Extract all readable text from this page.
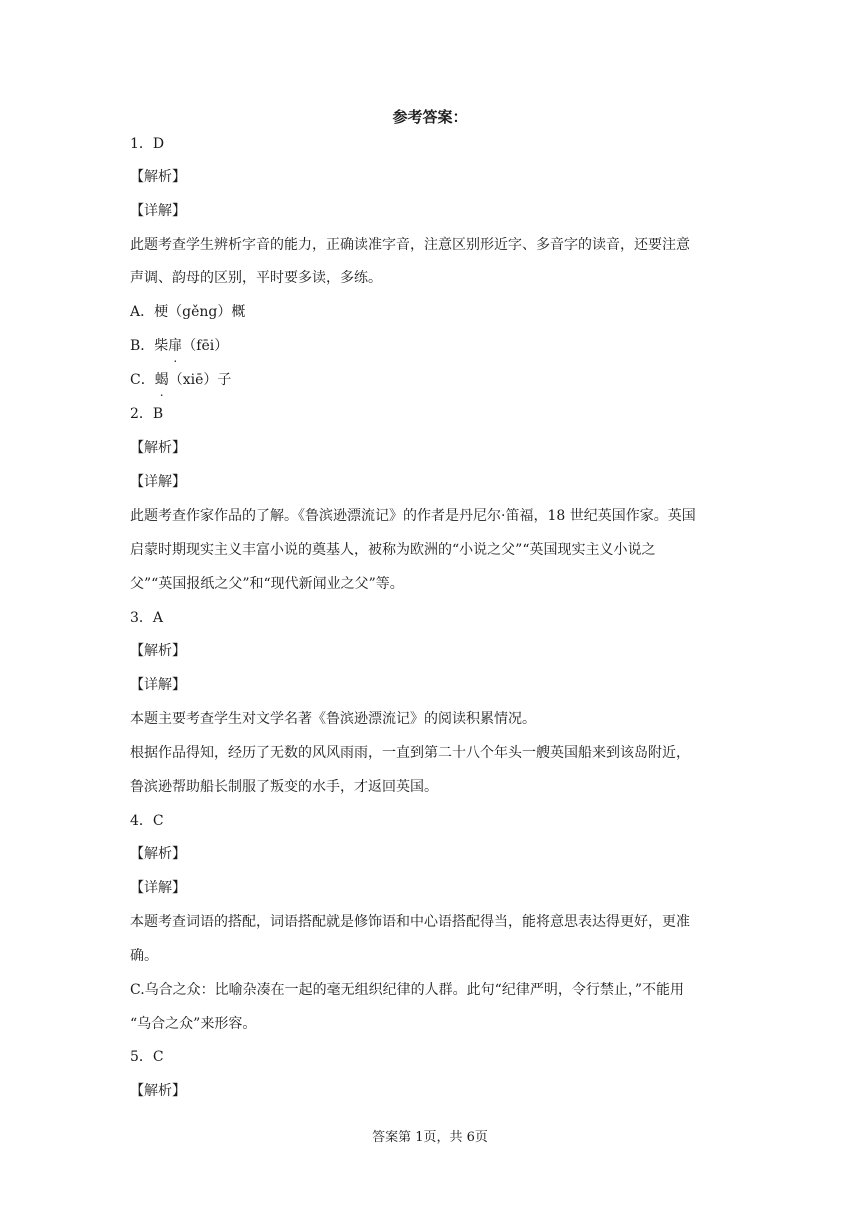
参考答案：
1．D
【解析】
【详解】
此题考查学生辨析字音的能力，正确读准字音，注意区别形近字、多音字的读音，还要注意
声调、韵母的区别，平时要多读，多练。
A．梗（gěng）概
B．柴扉（fēi）
C．蝎（xiē）子
2．B
【解析】
【详解】
此题考查作家作品的了解。《鲁滨逊漂流记》的作者是丹尼尔·笛福，18 世纪英国作家。英国
启蒙时期现实主义丰富小说的奠基人，被称为欧洲的“小说之父”“英国现实主义小说之
父”“英国报纸之父”和“现代新闻业之父”等。
3．A
【解析】
【详解】
本题主要考查学生对文学名著《鲁滨逊漂流记》的阅读积累情况。
根据作品得知，经历了无数的风风雨雨，一直到第二十八个年头一艘英国船来到该岛附近，
鲁滨逊帮助船长制服了叛变的水手，才返回英国。
4．C
【解析】
【详解】
本题考查词语的搭配，词语搭配就是修饰语和中心语搭配得当，能将意思表达得更好，更准
确。
C.乌合之众：比喻杂凑在一起的毫无组织纪律的人群。此句“纪律严明，令行禁止，”不能用
“乌合之众”来形容。
5．C
【解析】
答案第 1页，共 6页
